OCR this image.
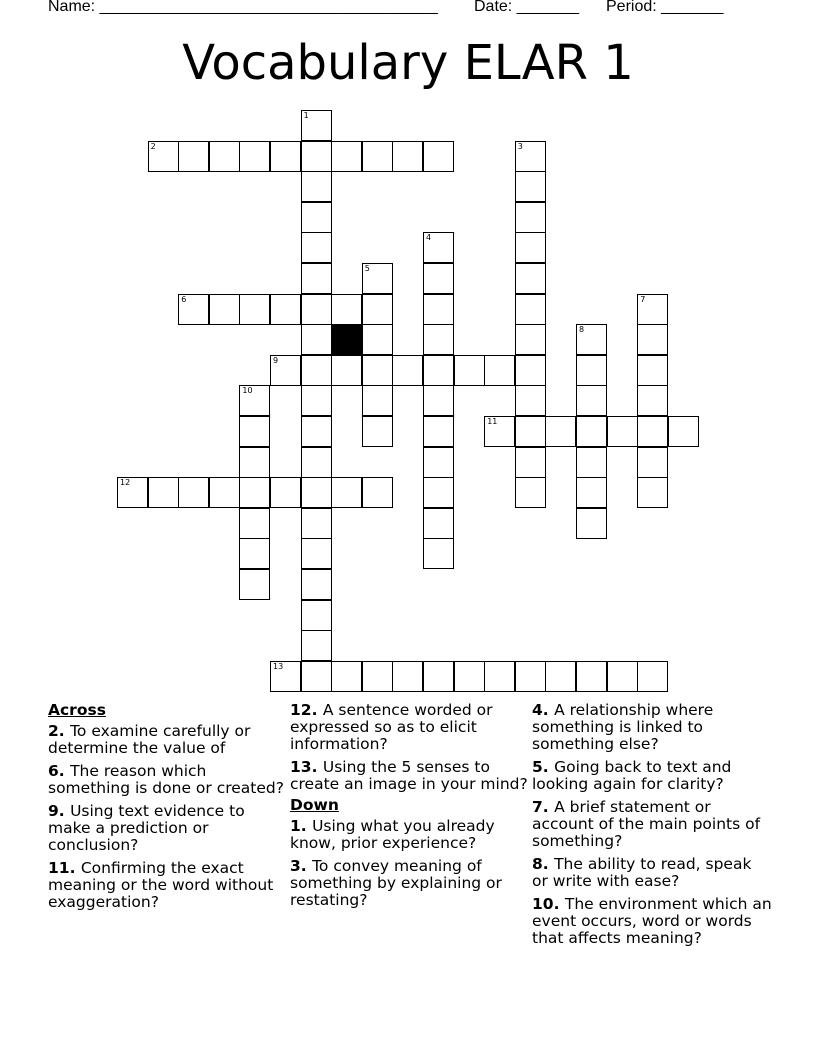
Name: ______________________________________ Date: _______ Period: _______
Vocabulary ELAR 1
1
2	3
4
5
6	7
8
9
10
11
12
13
Across
2. To examine carefully or determine the value of
6. The reason which something is done or created?
9. Using text evidence to make a prediction or conclusion?
11. Confirming the exact meaning or the word without exaggeration?
12. A sentence worded or expressed so as to elicit information?
13. Using the 5 senses to create an image in your mind?
Down
1. Using what you already know, prior experience?
3. To convey meaning of something by explaining or restating?
4. A relationship where something is linked to something else?
5. Going back to text and looking again for clarity?
7. A brief statement or account of the main points of something?
8. The ability to read, speak or write with ease?
10. The environment which an event occurs, word or words that affects meaning?
